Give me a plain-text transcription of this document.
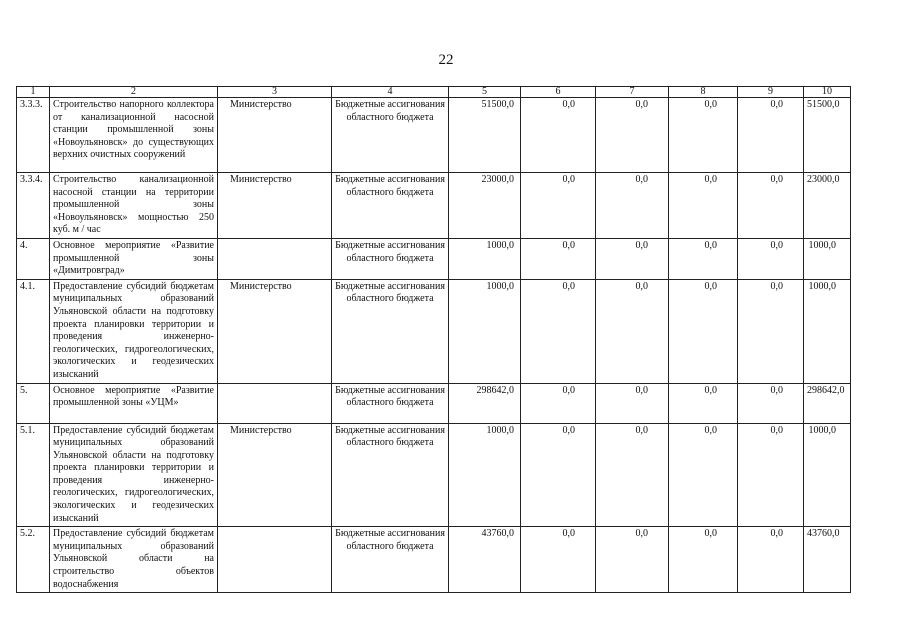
22
1	2	3	4	5	6	7	8	9	10
3.3.3.	Строительство напорного коллектора от канализационной насосной станции промышленной зоны «Новоульяновск» до существующих верхних очистных сооружений	Министерство	Бюджетные ассигнования областного бюджета	51500,0	0,0	0,0	0,0	0,0	51500,0
3.3.4.	Строительство канализационной насосной станции на территории промышленной зоны «Новоульяновск» мощностью 250 куб. м / час	Министерство	Бюджетные ассигнования областного бюджета	23000,0	0,0	0,0	0,0	0,0	23000,0
4.	Основное мероприятие «Развитие промышленной зоны «Димитровград»		Бюджетные ассигнования областного бюджета	1000,0	0,0	0,0	0,0	0,0	1000,0
4.1.	Предоставление субсидий бюджетам муниципальных образований Ульяновской области на подготовку проекта планировки территории и проведения инженерно-геологических, гидрогеологических, экологических и геодезических изысканий	Министерство	Бюджетные ассигнования областного бюджета	1000,0	0,0	0,0	0,0	0,0	1000,0
5.	Основное мероприятие «Развитие промышленной зоны «УЦМ»		Бюджетные ассигнования областного бюджета	298642,0	0,0	0,0	0,0	0,0	298642,0
5.1.	Предоставление субсидий бюджетам муниципальных образований Ульяновской области на подготовку проекта планировки территории и проведения инженерно-геологических, гидрогеологических, экологических и геодезических изысканий	Министерство	Бюджетные ассигнования областного бюджета	1000,0	0,0	0,0	0,0	0,0	1000,0
5.2.	Предоставление субсидий бюджетам муниципальных образований Ульяновской области на строительство объектов водоснабжения		Бюджетные ассигнования областного бюджета	43760,0	0,0	0,0	0,0	0,0	43760,0
